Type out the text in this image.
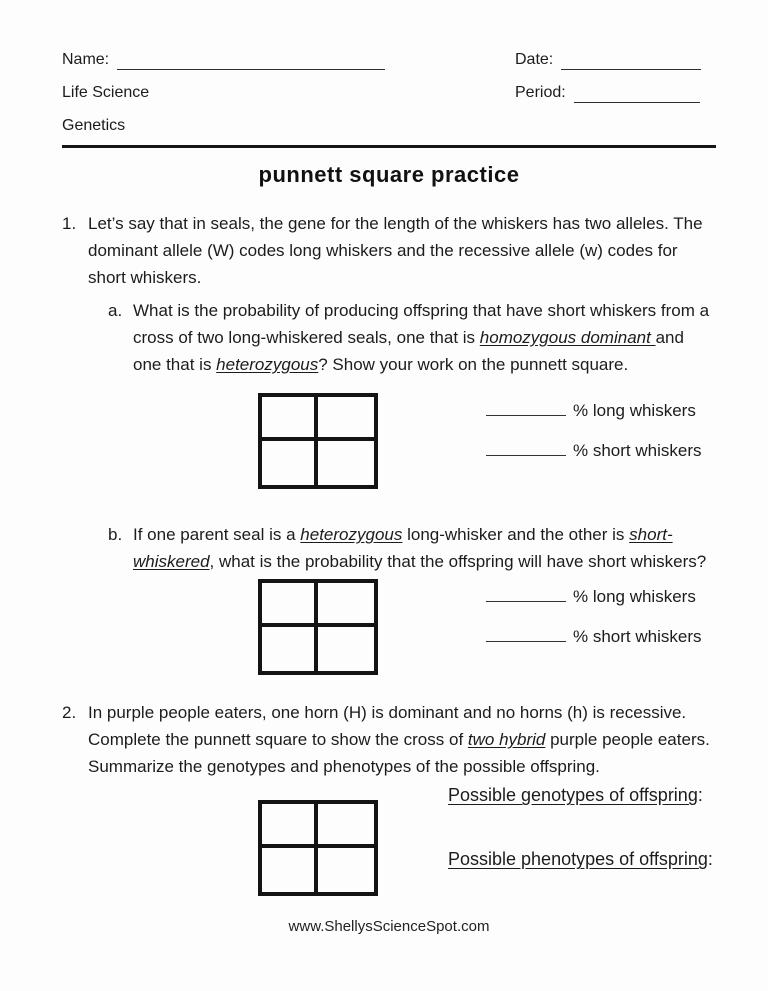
Name:	Date:
Life Science	Period:
Genetics
punnett square practice
1. Let’s say that in seals, the gene for the length of the whiskers has two alleles. The dominant allele (W) codes long whiskers and the recessive allele (w) codes for short whiskers.
a. What is the probability of producing offspring that have short whiskers from a cross of two long-whiskered seals, one that is homozygous dominant and one that is heterozygous? Show your work on the punnett square.
% long whiskers
% short whiskers
b. If one parent seal is a heterozygous long-whisker and the other is short-whiskered, what is the probability that the offspring will have short whiskers?
% long whiskers
% short whiskers
2. In purple people eaters, one horn (H) is dominant and no horns (h) is recessive. Complete the punnett square to show the cross of two hybrid purple people eaters. Summarize the genotypes and phenotypes of the possible offspring.
Possible genotypes of offspring:
Possible phenotypes of offspring:
www.ShellysScienceSpot.com
